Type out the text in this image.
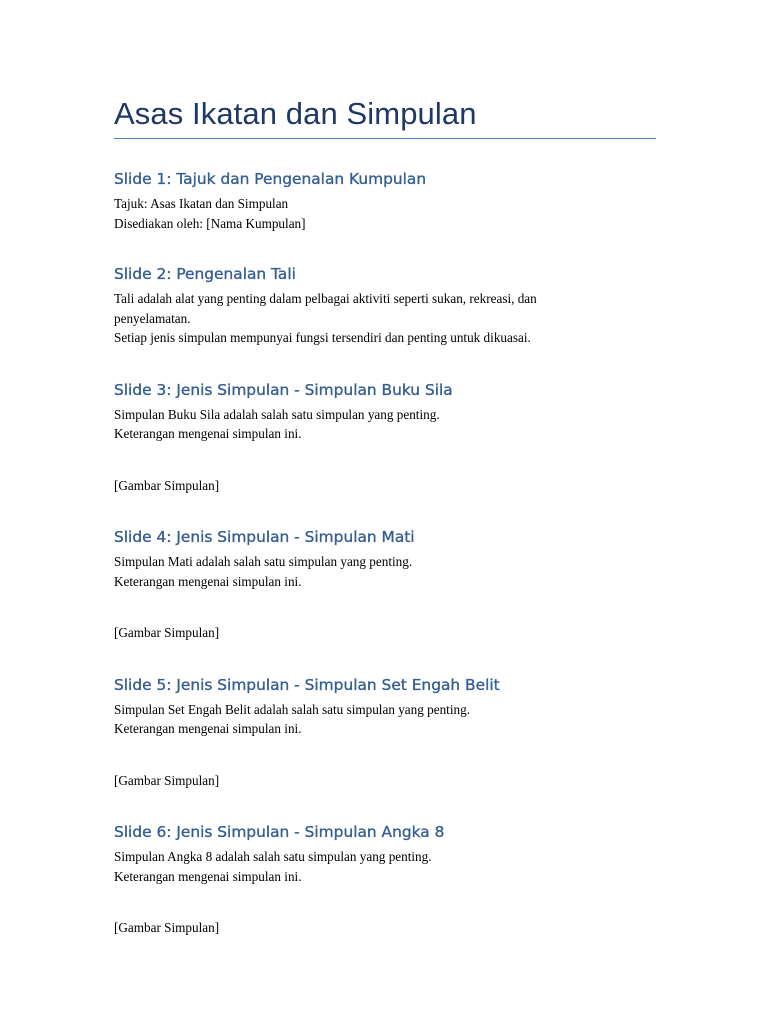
Asas Ikatan dan Simpulan
Slide 1: Tajuk dan Pengenalan Kumpulan

Tajuk: Asas Ikatan dan Simpulan

Disediakan oleh: [Nama Kumpulan]

Slide 2: Pengenalan Tali

Tali adalah alat yang penting dalam pelbagai aktiviti seperti sukan, rekreasi, dan

penyelamatan.

Setiap jenis simpulan mempunyai fungsi tersendiri dan penting untuk dikuasai.

Slide 3: Jenis Simpulan - Simpulan Buku Sila

Simpulan Buku Sila adalah salah satu simpulan yang penting.

Keterangan mengenai simpulan ini.

[Gambar Simpulan]

Slide 4: Jenis Simpulan - Simpulan Mati

Simpulan Mati adalah salah satu simpulan yang penting.

Keterangan mengenai simpulan ini.

[Gambar Simpulan]

Slide 5: Jenis Simpulan - Simpulan Set Engah Belit

Simpulan Set Engah Belit adalah salah satu simpulan yang penting.

Keterangan mengenai simpulan ini.

[Gambar Simpulan]

Slide 6: Jenis Simpulan - Simpulan Angka 8

Simpulan Angka 8 adalah salah satu simpulan yang penting.

Keterangan mengenai simpulan ini.

[Gambar Simpulan]
